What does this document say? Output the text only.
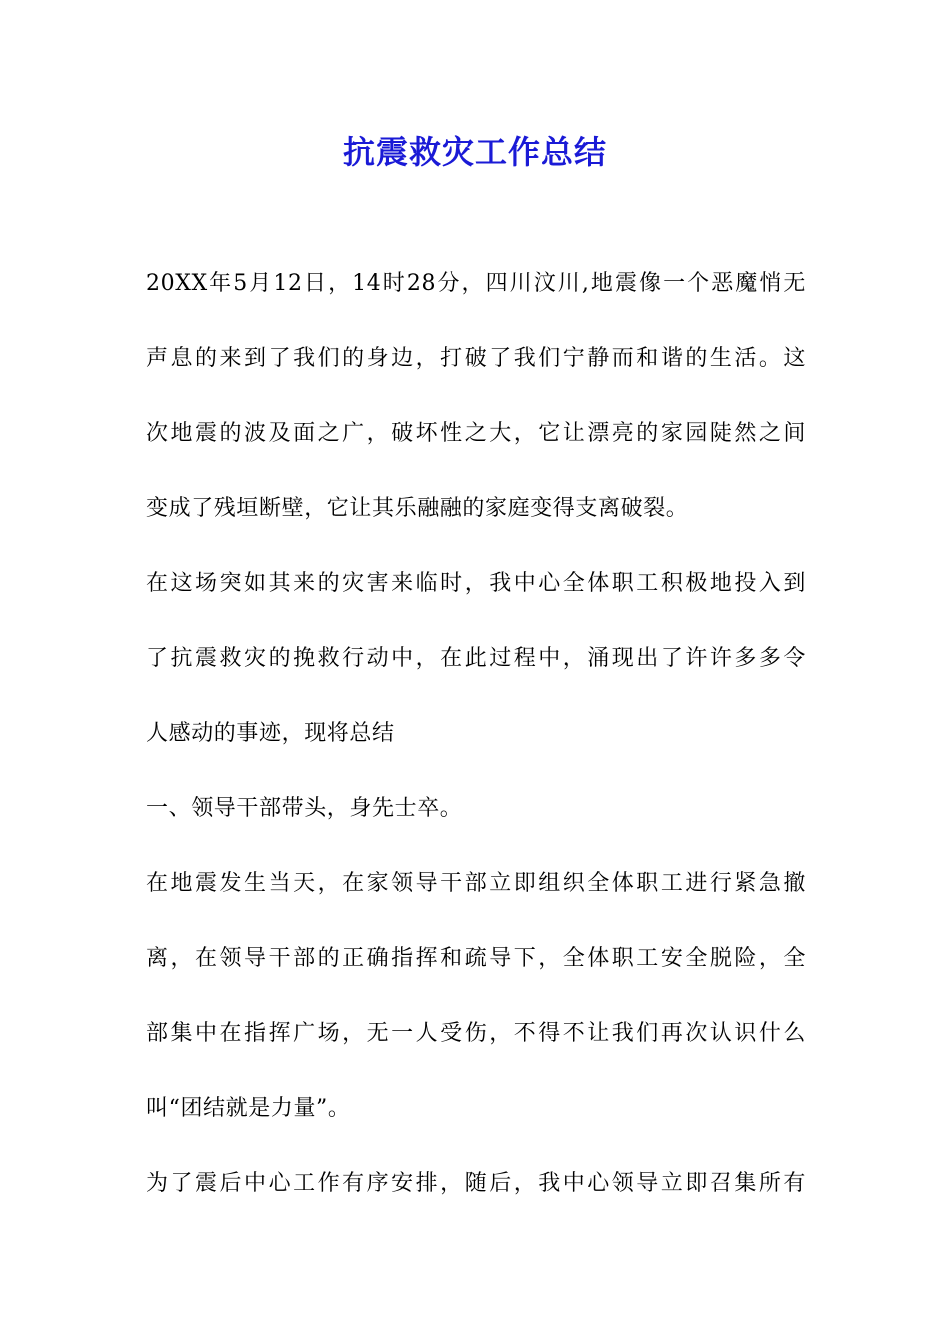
抗震救灾工作总结
20XX年5月12日，14时28分，四川汶川,地震像一个恶魔悄无
声息的来到了我们的身边，打破了我们宁静而和谐的生活。这
次地震的波及面之广，破坏性之大，它让漂亮的家园陡然之间
变成了残垣断壁，它让其乐融融的家庭变得支离破裂。
在这场突如其来的灾害来临时，我中心全体职工积极地投入到
了抗震救灾的挽救行动中，在此过程中，涌现出了许许多多令
人感动的事迹，现将总结
一、领导干部带头，身先士卒。
在地震发生当天，在家领导干部立即组织全体职工进行紧急撤
离，在领导干部的正确指挥和疏导下，全体职工安全脱险，全
部集中在指挥广场，无一人受伤，不得不让我们再次认识什么
叫“团结就是力量”。
为了震后中心工作有序安排，随后，我中心领导立即召集所有
